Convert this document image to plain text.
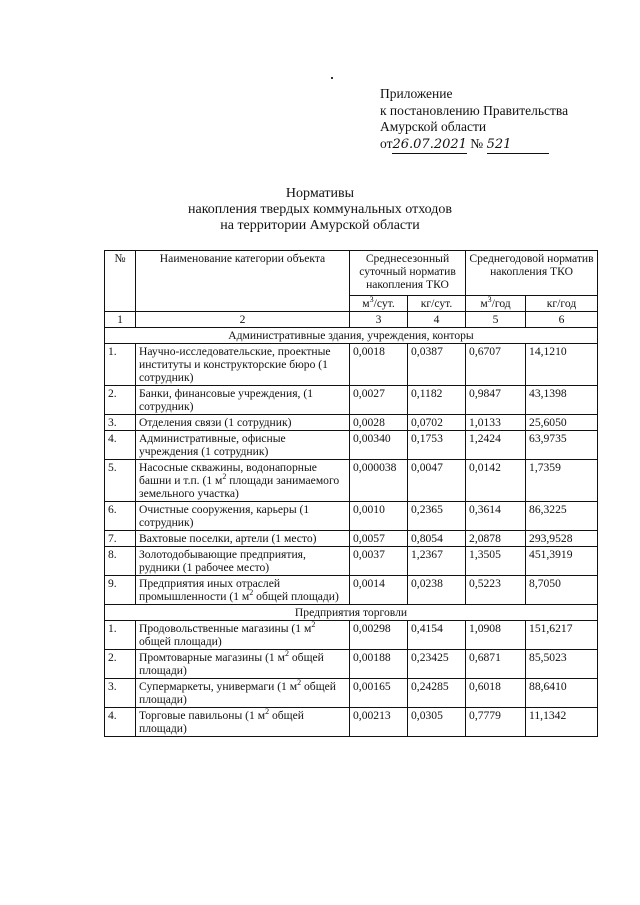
Приложение
к постановлению Правительства
Амурской области
от26.07.2021 № 521
Нормативы
накопления твердых коммунальных отходов
на территории Амурской области
№	Наименование категории объекта	Среднесезонный суточный норматив накопления ТКО		Среднегодовой норматив накопления ТКО	
		$м^3$/сут.	кг/сут.	$м^3$/год	кг/год
1	2	3	4	5	6
Административные здания, учреждения, конторы					
1.	Научно-исследовательские, проектные институты и конструкторские бюро (1 сотрудник)	0,0018	0,0387	0,6707	14,1210
2.	Банки, финансовые учреждения, (1 сотрудник)	0,0027	0,1182	0,9847	43,1398
3.	Отделения связи (1 сотрудник)	0,0028	0,0702	1,0133	25,6050
4.	Административные, офисные учреждения (1 сотрудник)	0,00340	0,1753	1,2424	63,9735
5.	Насосные скважины, водонапорные башни и т.п. (1 $м^2$ площади занимаемого земельного участка)	0,000038	0,0047	0,0142	1,7359
6.	Очистные сооружения, карьеры (1 сотрудник)	0,0010	0,2365	0,3614	86,3225
7.	Вахтовые поселки, артели (1 место)	0,0057	0,8054	2,0878	293,9528
8.	Золотодобывающие предприятия, рудники (1 рабочее место)	0,0037	1,2367	1,3505	451,3919
9.	Предприятия иных отраслей промышленности (1 $м^2$ общей площади)	0,0014	0,0238	0,5223	8,7050
Предприятия торговли					
1.	Продовольственные магазины (1 $м^2$ общей площади)	0,00298	0,4154	1,0908	151,6217
2.	Промтоварные магазины (1 $м^2$ общей площади)	0,00188	0,23425	0,6871	85,5023
3.	Супермаркеты, универмаги (1 $м^2$ общей площади)	0,00165	0,24285	0,6018	88,6410
4.	Торговые павильоны (1 $м^2$ общей площади)	0,00213	0,0305	0,7779	11,1342
